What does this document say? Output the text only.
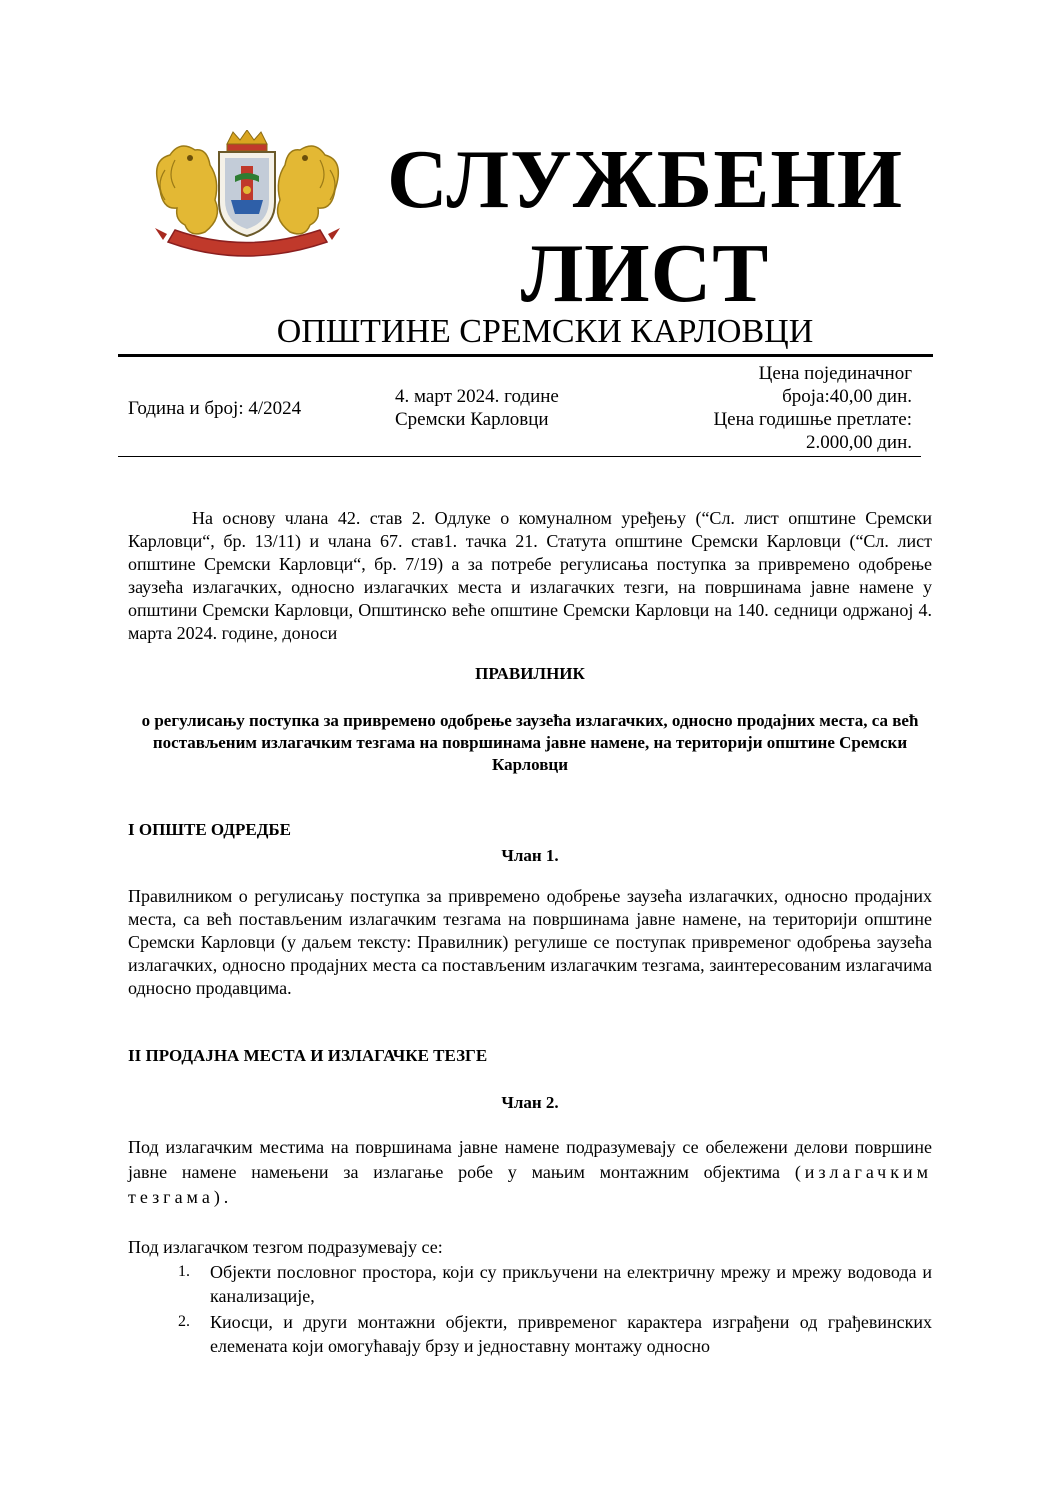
СЛУЖБЕНИ
ЛИСТ
ОПШТИНЕ СРЕМСКИ КАРЛОВЦИ
Година и број: 4/2024
4. март 2024. године
Сремски Карловци
Цена појединачног
броја:40,00 дин.
Цена годишње претлате:
2.000,00 дин.
На основу члана 42. став 2. Одлуке о комуналном уређењу (“Сл. лист општине Сремски Карловци“, бр. 13/11) и члана 67. став1. тачка 21. Статута општине Сремски Карловци (“Сл. лист општине Сремски Карловци“, бр. 7/19) а за потребе регулисања поступка за привремено одобрење заузећа излагачких, односно излагачких места и излагачких тезги, на површинама јавне намене у општини Сремски Карловци, Општинско веће општине Сремски Карловци на 140. седници одржаној 4. марта 2024. године, доноси
ПРАВИЛНИК
о регулисању поступка за привремено одобрење заузећа излагачких, односно продајних места, са већ постављеним излагачким тезгама на површинама јавне намене, на територији општине Сремски Карловци
I ОПШТЕ ОДРЕДБЕ
Члан 1.
Правилником о регулисању поступка за привремено одобрење заузећа излагачких, односно продајних места, са већ постављеним излагачким тезгама на површинама јавне намене, на територији општине Сремски Карловци (у даљем тексту: Правилник) регулише се поступак привременог одобрења заузећа излагачких, односно продајних места са постављеним излагачким тезгама, заинтересованим излагачима односно продавцима.
II ПРОДАЈНА МЕСТА И ИЗЛАГАЧКЕ ТЕЗГЕ
Члан 2.
Под излагачким местима на површинама јавне намене подразумевају се обележени делови површине јавне намене намењени за излагање робе у мањим монтажним објектима (излагачким тезгама).
Под излагачком тезгом подразумевају се:
1.	Објекти пословног простора, који су прикључени на електричну мрежу и мрежу водовода и канализације,
2.	Киосци, и други монтажни објекти, привременог карактера изграђени од грађевинских елемената који омогућавају брзу и једноставну монтажу односно
